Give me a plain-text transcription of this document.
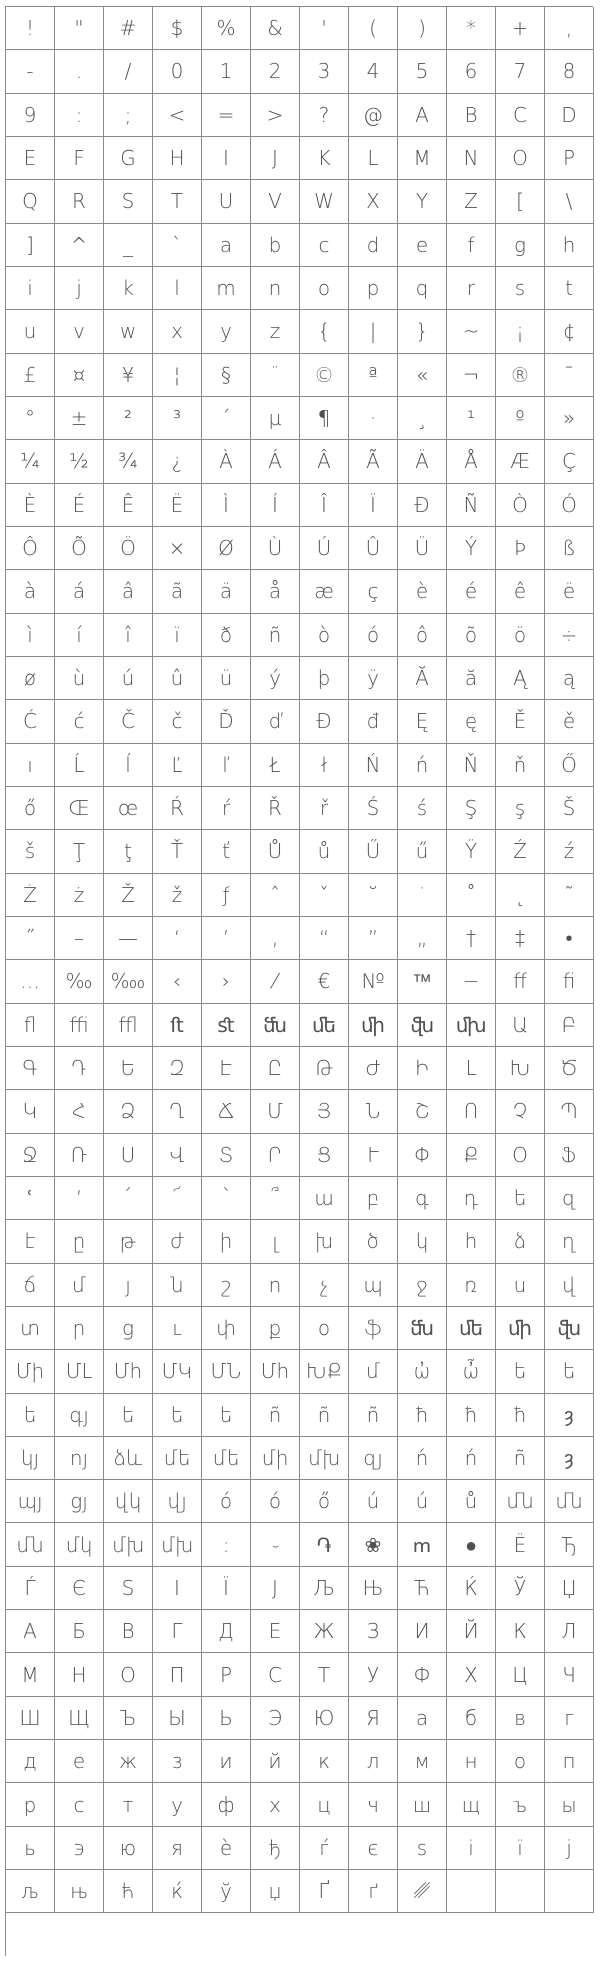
! " # $ % & ' ( ) * + ,
- . / 0 1 2 3 4 5 6 7 8
9 : ; < = > ? @ A B C D
E F G H I J K L M N O P
Q R S T U V W X Y Z [ \
] ^ _ ` a b c d e f g h
i j k l m n o p q r s t
u v w x y z { | } ~ ¡ ¢
£ ¤ ¥ ¦ § ¨ © ª « ¬ ® ¯
° ± ² ³ ´ µ ¶ · ¸ ¹ º »
¼ ½ ¾ ¿ À Á Â Ã Ä Å Æ Ç
È É Ê Ë Ì Í Î Ï Ð Ñ Ò Ó
Ô Õ Ö × Ø Ù Ú Û Ü Ý Þ ß
à á â ã ä å æ ç è é ê ë
ì í î ï ð ñ ò ó ô õ ö ÷
ø ù ú û ü ý þ ÿ Ă ă Ą ą
Ć ć Č č Ď ď Đ đ Ę ę Ě ě
ı Ĺ ĺ Ľ ľ Ł ł Ń ń Ň ň Ő
ő Œ œ Ŕ ŕ Ř ř Ś ś Ş ş Š
š Ţ ţ Ť ť Ů ů Ű ű Ÿ Ź ź
Ż ż Ž ž ƒ ˆ ˇ ˘ ˙ ˚ ˛ ˜
˝ – — ‘ ’ ‚ “ ” „ † ‡ •
… ‰ ‱ ‹ › ⁄ € № ™ − ﬀ ﬁ
ﬂ ﬃ ﬄ ﬅ ﬆ ﬓ ﬔ ﬕ ﬖ ﬗ Ա Բ
Գ Դ Ե Զ Է Ը Թ Ժ Ի Լ Խ Ծ
Կ Հ Ձ Ղ Ճ Մ Յ Ն Շ Ո Չ Պ
Ջ Ռ Ս Վ Տ Ր Ց Ւ Փ Ք Օ Ֆ
ՙ ՚ ՛ ՜ ՝ ՞ ա բ գ դ ե զ
է ը թ ժ ի լ խ ծ կ հ ձ ղ
ճ մ յ ն շ ո չ պ ջ ռ ս վ
տ ր ց ւ փ ք օ ֆ ﬓ ﬔ ﬕ ﬖ
Մի ՄԼ Մհ ՄԿ ՄՆ Մհ ԽՔ մ ὠ ὦ ե ե
ե գյ ե ե ե ñ ñ ñ ħ ħ ħ ȝ
կյ ոյ ձև մե մե մի մխ զյ ń ń ñ ȝ
պյ ցյ վկ վյ ó ó ő ú ú ů մն մն
մն մկ մխ մխ ։ ֊ ֏ ❀ ՠ ● Ë Ђ
Ѓ Є Ѕ І Ї Ј Љ Њ Ћ Ќ Ў Џ
А Б В Г Д Е Ж З И Й К Л
М Н О П Р С Т У Ф Х Ц Ч
Ш Щ Ъ Ы Ь Э Ю Я а б в г
д е ж з и й к л м н о п
р с т у ф х ц ч ш щ ъ ы
ь э ю я ѐ ђ ѓ є ѕ і ї ј
љ њ ћ ќ ў џ Ґ ґ ␥
